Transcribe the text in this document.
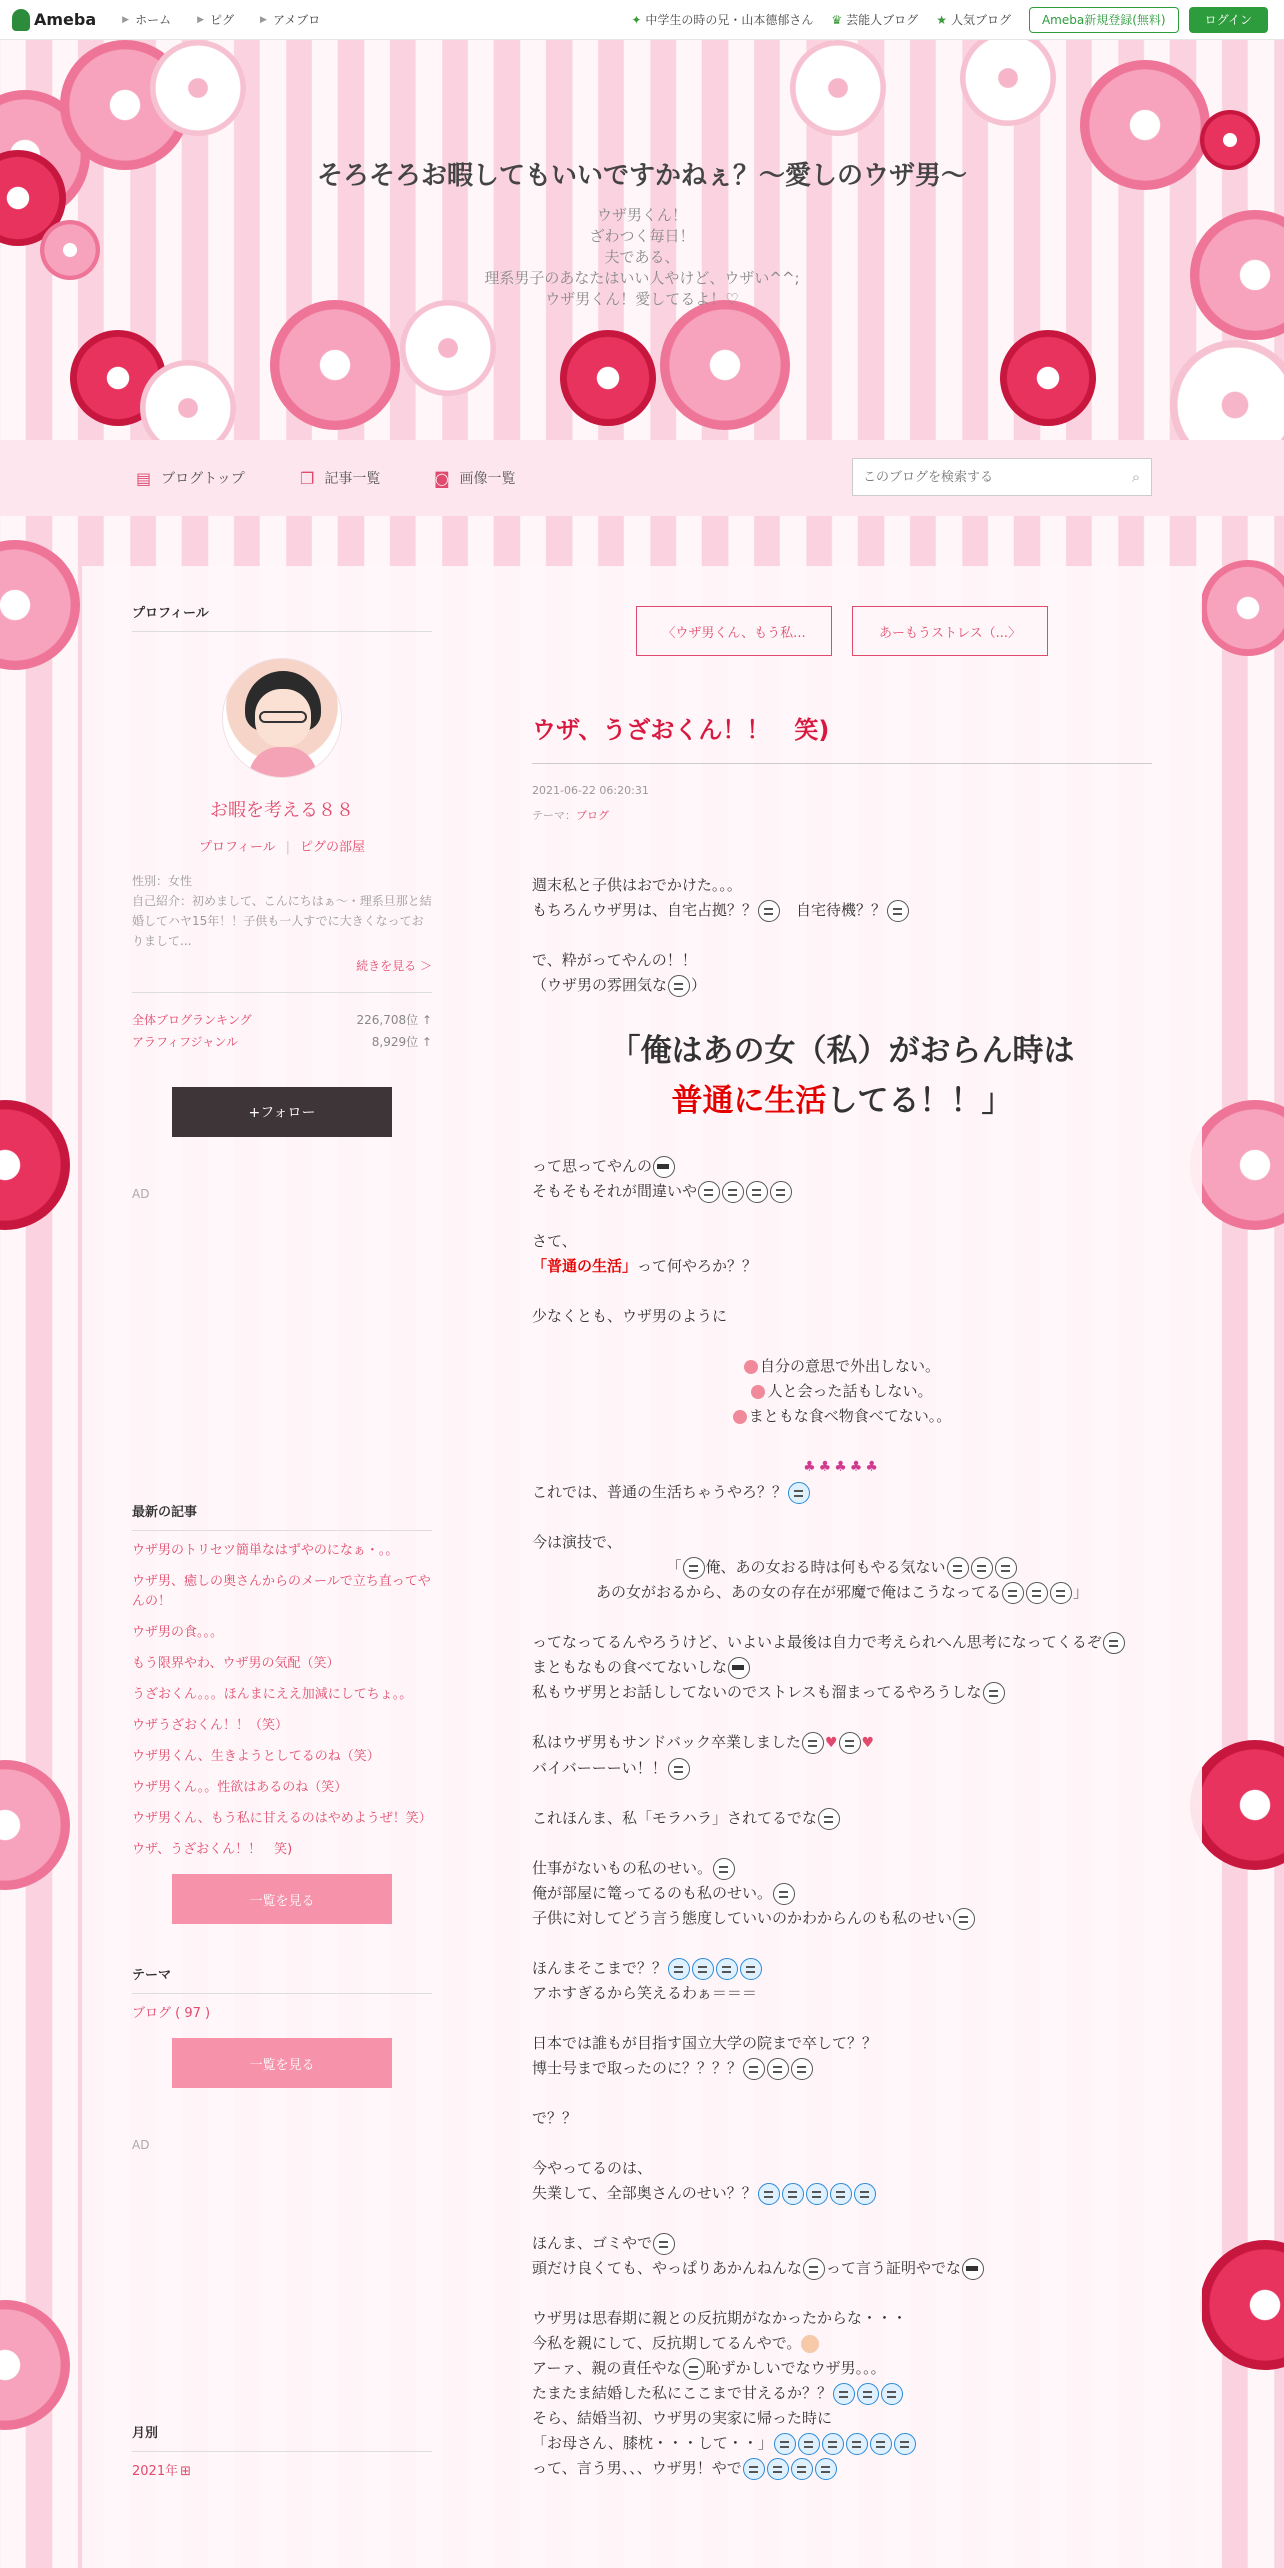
Ameba	▶ ホーム	▶ ピグ	▶ アメブロ	✦ 中学生の時の兄・山本德郁さん ♛ 芸能人ブログ ★ 人気ブログ	Ameba新規登録(無料)	ログイン
そろそろお暇してもいいですかねぇ？〜愛しのウザ男〜
ウザ男くん！
ざわつく毎日！
夫である、
理系男子のあなたはいい人やけど、ウザい^^;
ウザ男くん！愛してるよ！♡
▤ ブログトップ	❐ 記事一覧	◙ 画像一覧
このブログを検索する	⌕
プロフィール
お暇を考える８８
プロフィール | ピグの部屋
性別：女性
自己紹介：初めまして、こんにちはぁ〜・理系旦那と結婚してハヤ15年！！子供も一人すでに大きくなっておりまして...
続きを見る ＞
全体ブログランキング	226,708位 ↑
アラフィフジャンル	8,929位 ↑
+フォロー
AD
最新の記事
ウザ男のトリセツ簡単なはずやのになぁ・。。
ウザ男、癒しの奥さんからのメールで立ち直ってやんの！
ウザ男の食。。。
もう限界やわ、ウザ男の気配（笑）
うざおくん。。。ほんまにええ加減にしてちょ。。
ウザうざおくん！！（笑）
ウザ男くん、生きようとしてるのね（笑）
ウザ男くん。。性欲はあるのね（笑）
ウザ男くん、もう私に甘えるのはやめようぜ！笑）
ウザ、うざおくん！！　笑)
一覧を見る
テーマ
ブログ ( 97 )
一覧を見る
AD
月別
2021年 ⊞
〈 ウザ男くん、もう私...	あーもうストレス（... 〉
ウザ、うざおくん！！　笑)
2021-06-22 06:20:31
テーマ：ブログ

週末私と子供はおでかけた。。。

もちろんウザ男は、自宅占拠？？　自宅待機？？

で、粋がってやんの！！

（ウザ男の雰囲気な ）

「俺はあの女（私）がおらん時は
普通に生活してる！！」

って思ってやんの

そもそもそれが間違いや

さて、

「普通の生活」って何やろか？？

少なくとも、ウザ男のように

自分の意思で外出しない。

人と会った話もしない。

まともな食べ物食べてない。。

♣♣♣♣♣

これでは、普通の生活ちゃうやろ？？

今は演技で、

「 俺、あの女おる時は何もやる気ない

あの女がおるから、あの女の存在が邪魔で俺はこうなってる	」

ってなってるんやろうけど、いよいよ最後は自力で考えられへん思考になってくるぞ

まともなもの食べてないしな

私もウザ男とお話ししてないのでストレスも溜まってるやろうしな

私はウザ男もサンドバック卒業しました ♥ ♥

バイバーーーい！！

これほんま、私「モラハラ」されてるでな

仕事がないもの私のせい。

俺が部屋に篭ってるのも私のせい。

子供に対してどう言う態度していいのかわからんのも私のせい

ほんまそこまで？？

アホすぎるから笑えるわぁ＝＝＝

日本では誰もが目指す国立大学の院まで卒して？？

博士号まで取ったのに？？？？

で？？

今やってるのは、

失業して、全部奥さんのせい？？

ほんま、ゴミやで

頭だけ良くても、やっぱりあかんねんな って言う証明やでな

ウザ男は思春期に親との反抗期がなかったからな・・・

今私を親にして、反抗期してるんやで。

アーァ、親の責任やな 恥ずかしいでなウザ男。。。

たまたま結婚した私にここまで甘えるか？？

そら、結婚当初、ウザ男の実家に帰った時に

「お母さん、膝枕・・・して・・」

って、言う男、、、ウザ男！やで
